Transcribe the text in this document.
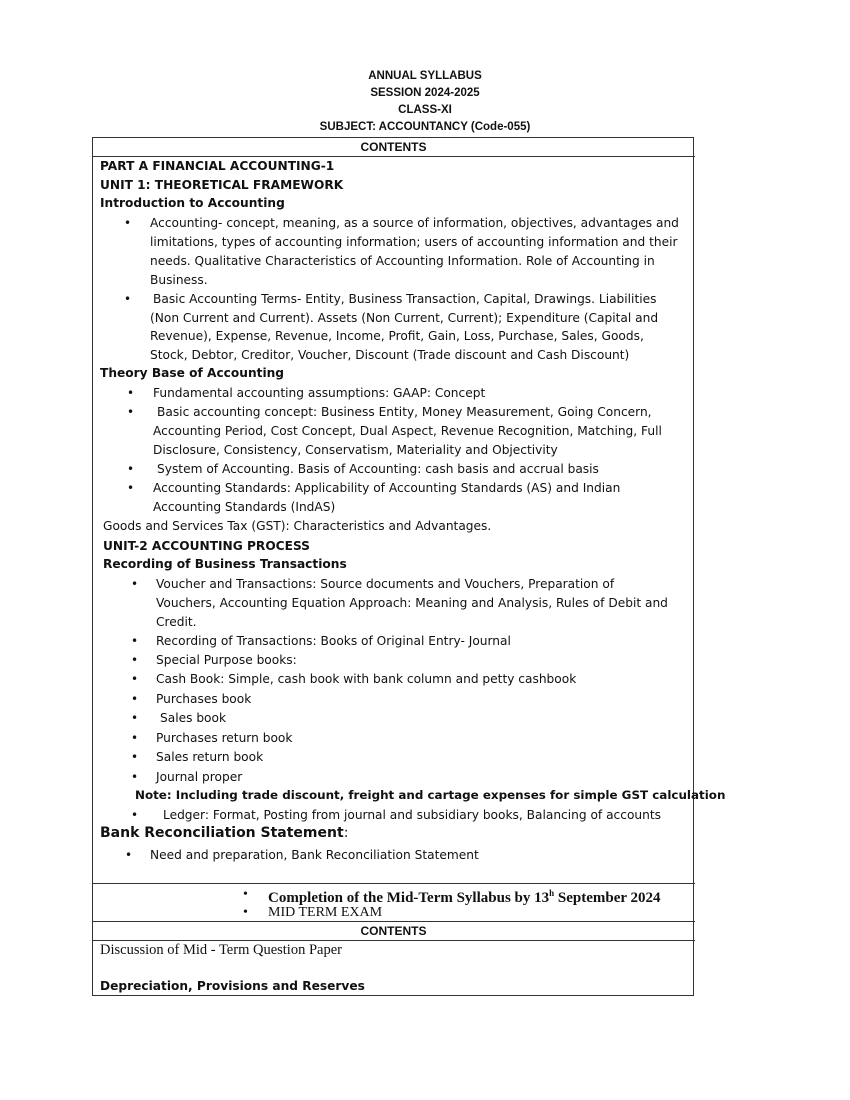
ANNUAL SYLLABUS
SESSION 2024-2025
CLASS-XI
SUBJECT: ACCOUNTANCY (Code-055)
CONTENTS
PART A FINANCIAL ACCOUNTING-1
UNIT 1: THEORETICAL FRAMEWORK
Introduction to Accounting
• Accounting- concept, meaning, as a source of information, objectives, advantages and
limitations, types of accounting information; users of accounting information and their
needs. Qualitative Characteristics of Accounting Information. Role of Accounting in
Business.
• Basic Accounting Terms- Entity, Business Transaction, Capital, Drawings. Liabilities
(Non Current and Current). Assets (Non Current, Current); Expenditure (Capital and
Revenue), Expense, Revenue, Income, Profit, Gain, Loss, Purchase, Sales, Goods,
Stock, Debtor, Creditor, Voucher, Discount (Trade discount and Cash Discount)
Theory Base of Accounting
• Fundamental accounting assumptions: GAAP: Concept
• Basic accounting concept: Business Entity, Money Measurement, Going Concern,
Accounting Period, Cost Concept, Dual Aspect, Revenue Recognition, Matching, Full
Disclosure, Consistency, Conservatism, Materiality and Objectivity
• System of Accounting. Basis of Accounting: cash basis and accrual basis
• Accounting Standards: Applicability of Accounting Standards (AS) and Indian
Accounting Standards (IndAS)
Goods and Services Tax (GST): Characteristics and Advantages.
UNIT-2 ACCOUNTING PROCESS
Recording of Business Transactions
• Voucher and Transactions: Source documents and Vouchers, Preparation of
Vouchers, Accounting Equation Approach: Meaning and Analysis, Rules of Debit and
Credit.
• Recording of Transactions: Books of Original Entry- Journal
• Special Purpose books:
• Cash Book: Simple, cash book with bank column and petty cashbook
• Purchases book
• Sales book
• Purchases return book
• Sales return book
• Journal proper
Note: Including trade discount, freight and cartage expenses for simple GST calculation
• Ledger: Format, Posting from journal and subsidiary books, Balancing of accounts
Bank Reconciliation Statement:
• Need and preparation, Bank Reconciliation Statement
• Completion of the Mid-Term Syllabus by 13$^h$ September 2024
• MID TERM EXAM
CONTENTS
Discussion of Mid - Term Question Paper
Depreciation, Provisions and Reserves
